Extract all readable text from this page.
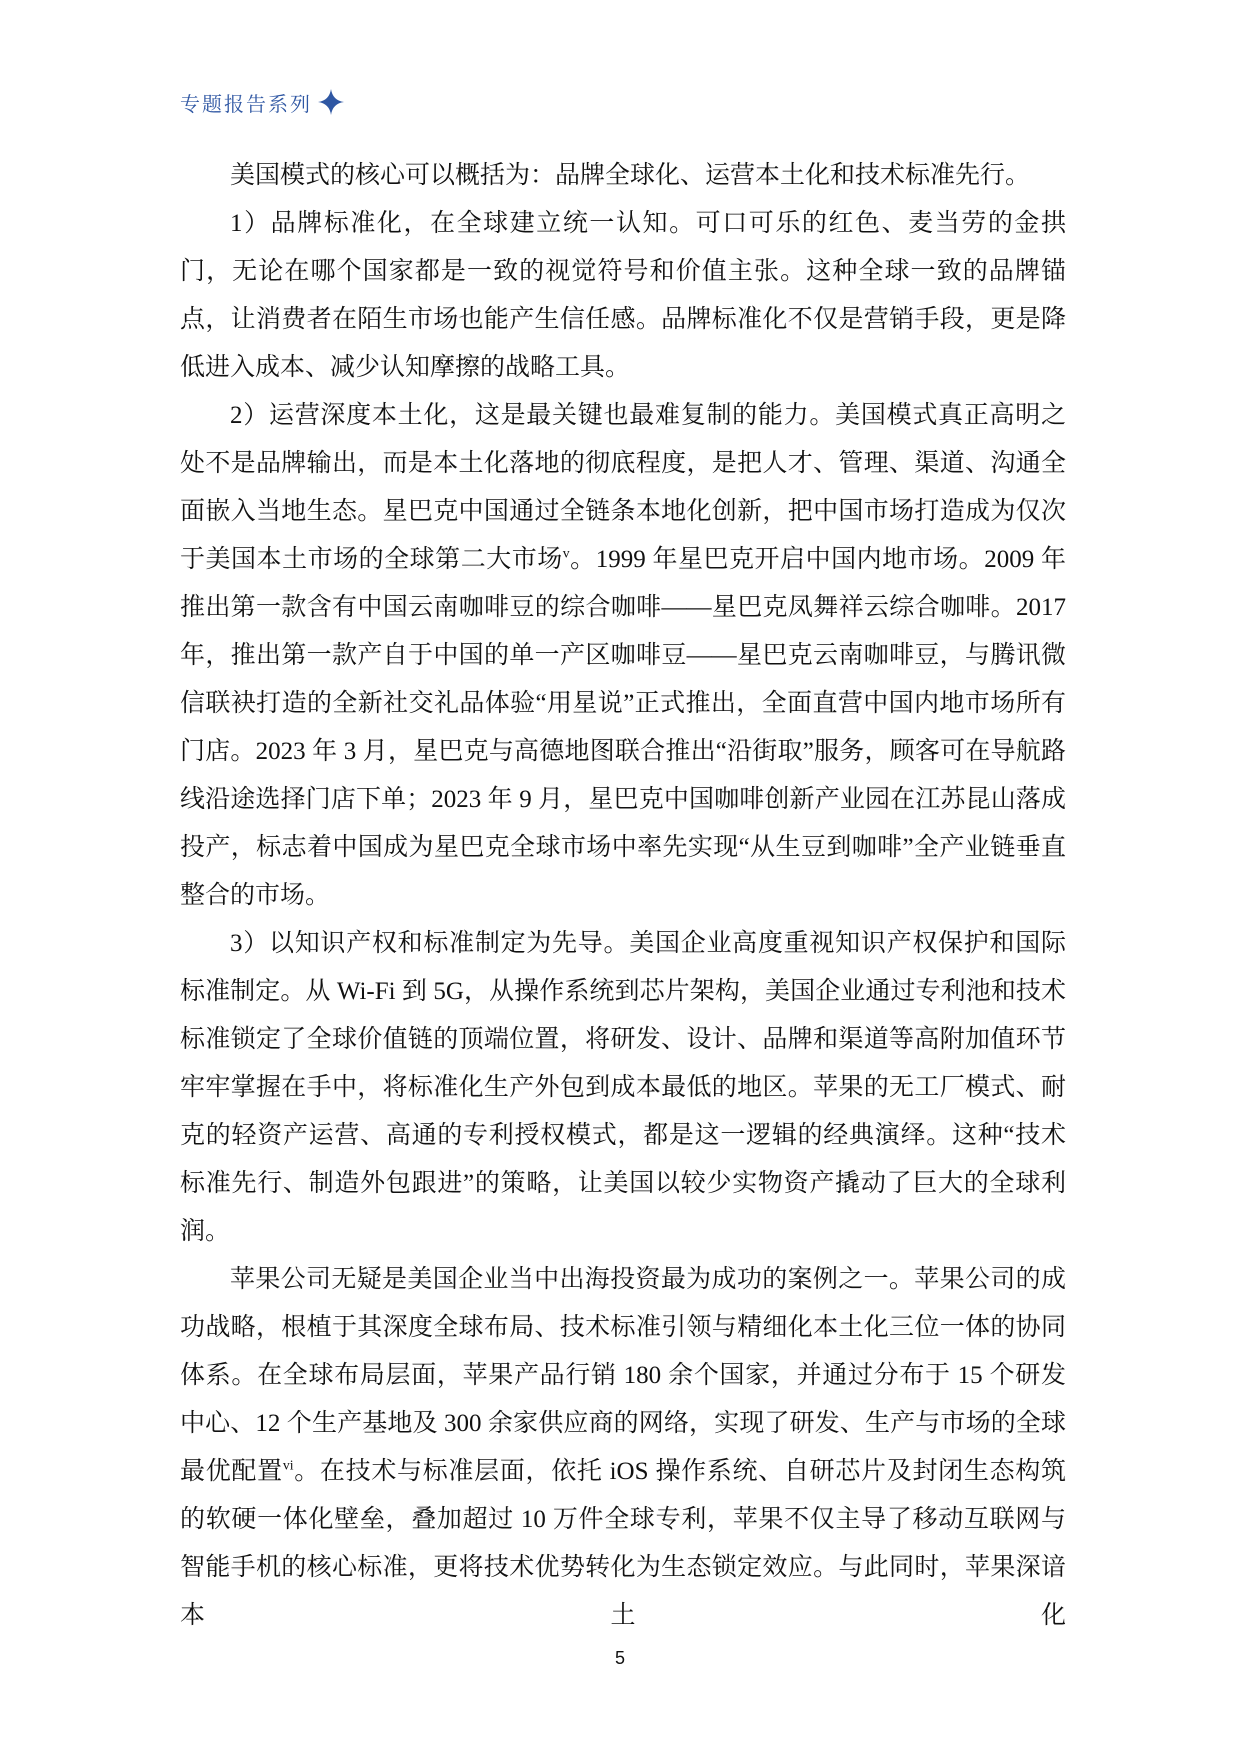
专题报告系列

美国模式的核心可以概括为：品牌全球化、运营本土化和技术标准先行。

1）品牌标准化，在全球建立统一认知。可口可乐的红色、麦当劳的金拱门，无论在哪个国家都是一致的视觉符号和价值主张。这种全球一致的品牌锚点，让消费者在陌生市场也能产生信任感。品牌标准化不仅是营销手段，更是降低进入成本、减少认知摩擦的战略工具。

2）运营深度本土化，这是最关键也最难复制的能力。美国模式真正高明之处不是品牌输出，而是本土化落地的彻底程度，是把人才、管理、渠道、沟通全面嵌入当地生态。星巴克中国通过全链条本地化创新，把中国市场打造成为仅次于美国本土市场的全球第二大市场$^v$。1999 年星巴克开启中国内地市场。2009 年推出第一款含有中国云南咖啡豆的综合咖啡——星巴克凤舞祥云综合咖啡。2017 年，推出第一款产自于中国的单一产区咖啡豆——星巴克云南咖啡豆，与腾讯微信联袂打造的全新社交礼品体验“用星说”正式推出，全面直营中国内地市场所有门店。2023 年 3 月，星巴克与高德地图联合推出“沿街取”服务，顾客可在导航路线沿途选择门店下单；2023 年 9 月，星巴克中国咖啡创新产业园在江苏昆山落成投产，标志着中国成为星巴克全球市场中率先实现“从生豆到咖啡”全产业链垂直整合的市场。

3）以知识产权和标准制定为先导。美国企业高度重视知识产权保护和国际标准制定。从 Wi-Fi 到 5G，从操作系统到芯片架构，美国企业通过专利池和技术标准锁定了全球价值链的顶端位置，将研发、设计、品牌和渠道等高附加值环节牢牢掌握在手中，将标准化生产外包到成本最低的地区。苹果的无工厂模式、耐克的轻资产运营、高通的专利授权模式，都是这一逻辑的经典演绎。这种“技术标准先行、制造外包跟进”的策略，让美国以较少实物资产撬动了巨大的全球利润。

苹果公司无疑是美国企业当中出海投资最为成功的案例之一。苹果公司的成功战略，根植于其深度全球布局、技术标准引领与精细化本土化三位一体的协同体系。在全球布局层面，苹果产品行销 180 余个国家，并通过分布于 15 个研发中心、12 个生产基地及 300 余家供应商的网络，实现了研发、生产与市场的全球最优配置$^{vi}$。在技术与标准层面，依托 iOS 操作系统、自研芯片及封闭生态构筑的软硬一体化壁垒，叠加超过 10 万件全球专利，苹果不仅主导了移动互联网与智能手机的核心标准，更将技术优势转化为生态锁定效应。与此同时，苹果深谙本土化

5
